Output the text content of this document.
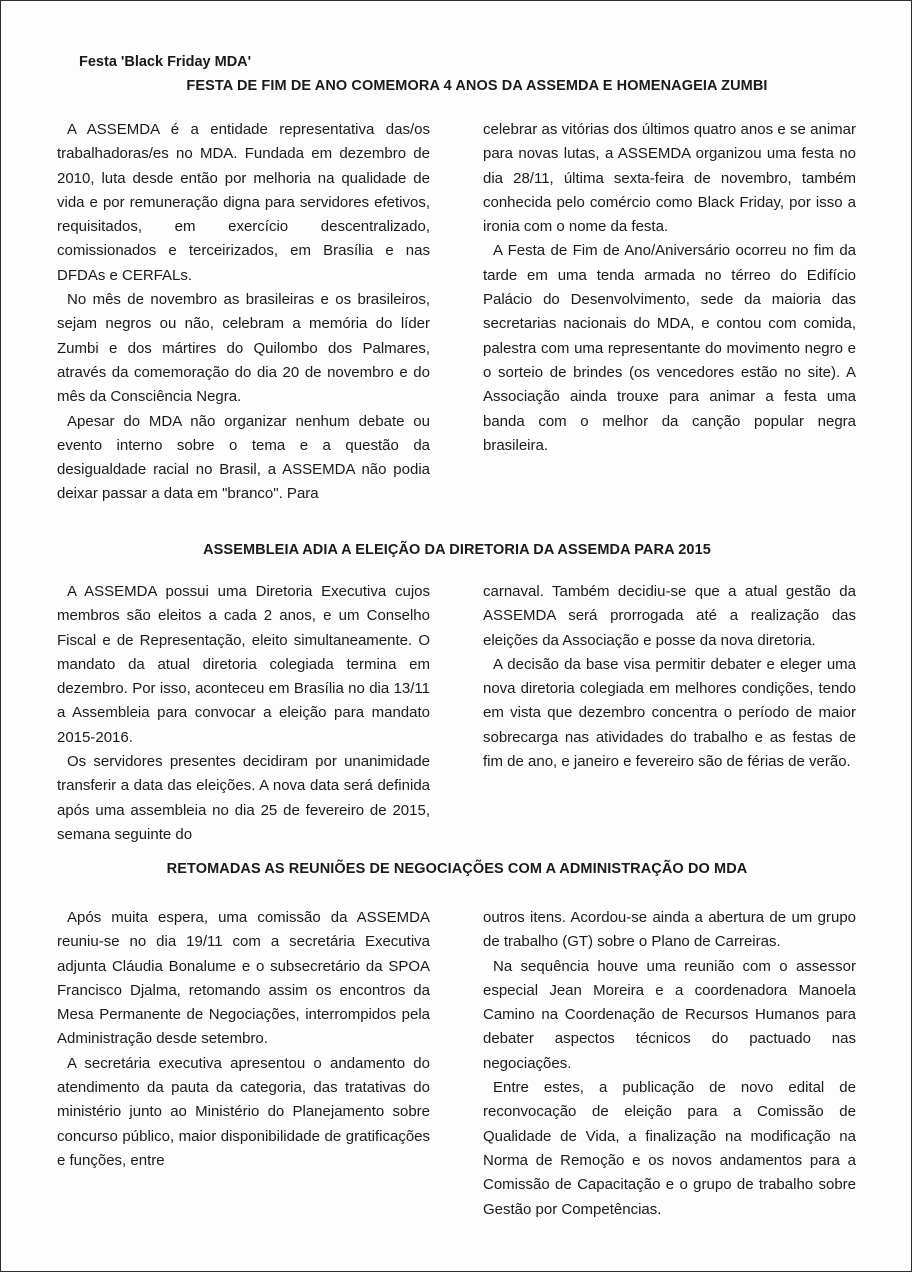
Festa 'Black Friday MDA'

FESTA DE FIM DE ANO COMEMORA 4 ANOS DA ASSEMDA E HOMENAGEIA ZUMBI

A ASSEMDA é a entidade representativa das/os trabalhadoras/es no MDA. Fundada em dezembro de 2010, luta desde então por melhoria na qualidade de vida e por remuneração digna para servidores efetivos, requisitados, em exercício descentralizado, comissionados e terceirizados, em Brasília e nas DFDAs e CERFALs.

No mês de novembro as brasileiras e os brasileiros, sejam negros ou não, celebram a memória do líder Zumbi e dos mártires do Quilombo dos Palmares, através da comemoração do dia 20 de novembro e do mês da Consciência Negra.

Apesar do MDA não organizar nenhum debate ou evento interno sobre o tema e a questão da desigualdade racial no Brasil, a ASSEMDA não podia deixar passar a data em "branco". Para

celebrar as vitórias dos últimos quatro anos e se animar para novas lutas, a ASSEMDA organizou uma festa no dia 28/11, última sexta-feira de novembro, também conhecida pelo comércio como Black Friday, por isso a ironia com o nome da festa.

A Festa de Fim de Ano/Aniversário ocorreu no fim da tarde em uma tenda armada no térreo do Edifício Palácio do Desenvolvimento, sede da maioria das secretarias nacionais do MDA, e contou com comida, palestra com uma representante do movimento negro e o sorteio de brindes (os vencedores estão no site). A Associação ainda trouxe para animar a festa uma banda com o melhor da canção popular negra brasileira.

ASSEMBLEIA ADIA A ELEIÇÃO DA DIRETORIA DA ASSEMDA PARA 2015

A ASSEMDA possui uma Diretoria Executiva cujos membros são eleitos a cada 2 anos, e um Conselho Fiscal e de Representação, eleito simultaneamente. O mandato da atual diretoria colegiada termina em dezembro. Por isso, aconteceu em Brasília no dia 13/11 a Assembleia para convocar a eleição para mandato 2015-2016.

Os servidores presentes decidiram por unanimidade transferir a data das eleições. A nova data será definida após uma assembleia no dia 25 de fevereiro de 2015, semana seguinte do

carnaval. Também decidiu-se que a atual gestão da ASSEMDA será prorrogada até a realização das eleições da Associação e posse da nova diretoria.

A decisão da base visa permitir debater e eleger uma nova diretoria colegiada em melhores condições, tendo em vista que dezembro concentra o período de maior sobrecarga nas atividades do trabalho e as festas de fim de ano, e janeiro e fevereiro são de férias de verão.

RETOMADAS AS REUNIÕES DE NEGOCIAÇÕES COM A ADMINISTRAÇÃO DO MDA

Após muita espera, uma comissão da ASSEMDA reuniu-se no dia 19/11 com a secretária Executiva adjunta Cláudia Bonalume e o subsecretário da SPOA Francisco Djalma, retomando assim os encontros da Mesa Permanente de Negociações, interrompidos pela Administração desde setembro.

A secretária executiva apresentou o andamento do atendimento da pauta da categoria, das tratativas do ministério junto ao Ministério do Planejamento sobre concurso público, maior disponibilidade de gratificações e funções, entre

outros itens. Acordou-se ainda a abertura de um grupo de trabalho (GT) sobre o Plano de Carreiras.

Na sequência houve uma reunião com o assessor especial Jean Moreira e a coordenadora Manoela Camino na Coordenação de Recursos Humanos para debater aspectos técnicos do pactuado nas negociações.

Entre estes, a publicação de novo edital de reconvocação de eleição para a Comissão de Qualidade de Vida, a finalização na modificação na Norma de Remoção e os novos andamentos para a Comissão de Capacitação e o grupo de trabalho sobre Gestão por Competências.
